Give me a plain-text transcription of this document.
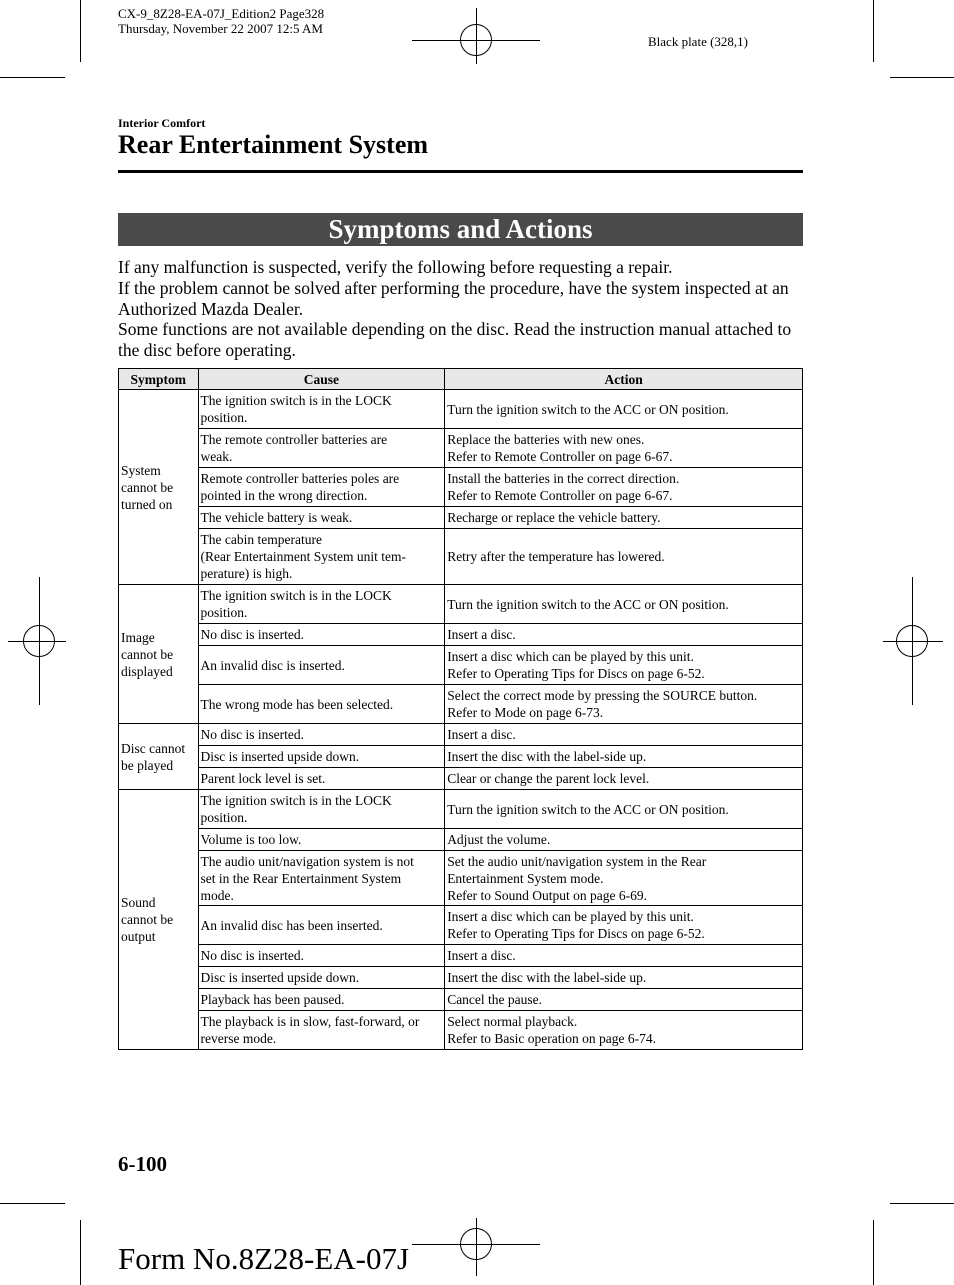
CX-9_8Z28-EA-07J_Edition2 Page328
Thursday, November 22 2007 12:5 AM
Black plate (328,1)
Interior Comfort
Rear Entertainment System
Symptoms and Actions

If any malfunction is suspected, verify the following before requesting a repair.

If the problem cannot be solved after performing the procedure, have the system inspected at an Authorized Mazda Dealer.

Some functions are not available depending on the disc. Read the instruction manual attached to the disc before operating.

Symptom	Cause	Action

System
cannot be
turned on	The ignition switch is in the LOCK
position.	Turn the ignition switch to the ACC or ON position.

	The remote controller batteries are
weak.	Replace the batteries with new ones.
Refer to Remote Controller on page 6-67.

	Remote controller batteries poles are
pointed in the wrong direction.	Install the batteries in the correct direction.
Refer to Remote Controller on page 6-67.

	The vehicle battery is weak.	Recharge or replace the vehicle battery.

	The cabin temperature
(Rear Entertainment System unit tem-
perature) is high.	Retry after the temperature has lowered.

Image
cannot be
displayed	The ignition switch is in the LOCK
position.	Turn the ignition switch to the ACC or ON position.

	No disc is inserted.	Insert a disc.

	An invalid disc is inserted.	Insert a disc which can be played by this unit.
Refer to Operating Tips for Discs on page 6-52.

	The wrong mode has been selected.	Select the correct mode by pressing the SOURCE button.
Refer to Mode on page 6-73.

Disc cannot
be played	No disc is inserted.	Insert a disc.

	Disc is inserted upside down.	Insert the disc with the label-side up.

	Parent lock level is set.	Clear or change the parent lock level.

Sound
cannot be
output	The ignition switch is in the LOCK
position.	Turn the ignition switch to the ACC or ON position.

	Volume is too low.	Adjust the volume.

	The audio unit/navigation system is not
set in the Rear Entertainment System
mode.	Set the audio unit/navigation system in the Rear
Entertainment System mode.
Refer to Sound Output on page 6-69.

	An invalid disc has been inserted.	Insert a disc which can be played by this unit.
Refer to Operating Tips for Discs on page 6-52.

	No disc is inserted.	Insert a disc.

	Disc is inserted upside down.	Insert the disc with the label-side up.

	Playback has been paused.	Cancel the pause.

	The playback is in slow, fast-forward, or
reverse mode.	Select normal playback.
Refer to Basic operation on page 6-74.
6-100
Form No.8Z28-EA-07J
